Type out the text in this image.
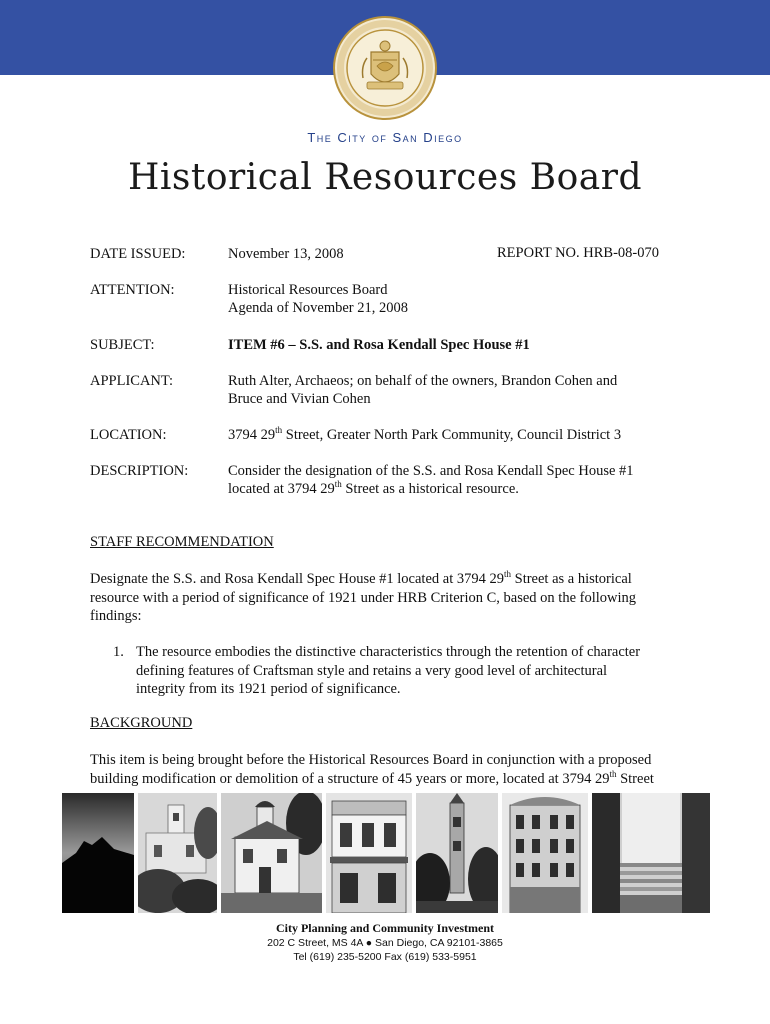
The City of San Diego
Historical Resources Board
DATE ISSUED:	November 13, 2008	REPORT NO. HRB-08-070
ATTENTION:	Historical Resources Board
Agenda of November 21, 2008
SUBJECT:	ITEM #6 – S.S. and Rosa Kendall Spec House #1
APPLICANT:	Ruth Alter, Archaeos; on behalf of the owners, Brandon Cohen and
Bruce and Vivian Cohen
LOCATION:	3794 29th Street, Greater North Park Community, Council District 3
DESCRIPTION:	Consider the designation of the S.S. and Rosa Kendall Spec House #1
located at 3794 29th Street as a historical resource.
STAFF RECOMMENDATION
Designate the S.S. and Rosa Kendall Spec House #1 located at 3794 29th Street as a historical
resource with a period of significance of 1921 under HRB Criterion C, based on the following
findings:
1. The resource embodies the distinctive characteristics through the retention of character
defining features of Craftsman style and retains a very good level of architectural
integrity from its 1921 period of significance.
BACKGROUND
This item is being brought before the Historical Resources Board in conjunction with a proposed
building modification or demolition of a structure of 45 years or more, located at 3794 29th Street
City Planning and Community Investment
202 C Street, MS 4A ● San Diego, CA 92101-3865
Tel (619) 235-5200 Fax (619) 533-5951
